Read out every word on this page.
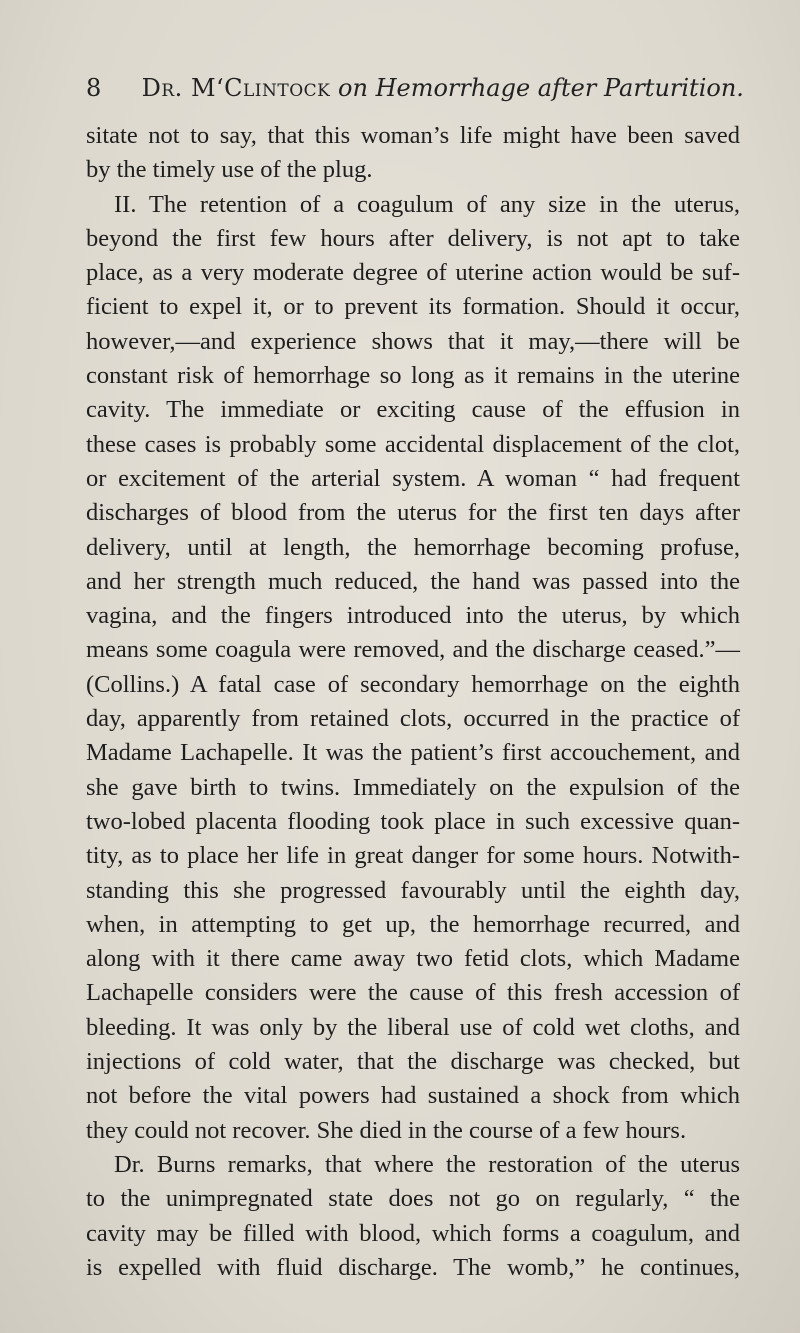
8 Dr. M‘Clintock on Hemorrhage after Parturition.
sitate not to say, that this woman’s life might have been saved
by the timely use of the plug.
II. The retention of a coagulum of any size in the uterus,
beyond the first few hours after delivery, is not apt to take
place, as a very moderate degree of uterine action would be suf-
ficient to expel it, or to prevent its formation. Should it occur,
however,—and experience shows that it may,—there will be
constant risk of hemorrhage so long as it remains in the uterine
cavity. The immediate or exciting cause of the effusion in
these cases is probably some accidental displacement of the clot,
or excitement of the arterial system. A woman “ had frequent
discharges of blood from the uterus for the first ten days after
delivery, until at length, the hemorrhage becoming profuse,
and her strength much reduced, the hand was passed into the
vagina, and the fingers introduced into the uterus, by which
means some coagula were removed, and the discharge ceased.”—
(Collins.) A fatal case of secondary hemorrhage on the eighth
day, apparently from retained clots, occurred in the practice of
Madame Lachapelle. It was the patient’s first accouchement, and
she gave birth to twins. Immediately on the expulsion of the
two-lobed placenta flooding took place in such excessive quan-
tity, as to place her life in great danger for some hours. Notwith-
standing this she progressed favourably until the eighth day,
when, in attempting to get up, the hemorrhage recurred, and
along with it there came away two fetid clots, which Madame
Lachapelle considers were the cause of this fresh accession of
bleeding. It was only by the liberal use of cold wet cloths, and
injections of cold water, that the discharge was checked, but
not before the vital powers had sustained a shock from which
they could not recover. She died in the course of a few hours.
Dr. Burns remarks, that where the restoration of the uterus
to the unimpregnated state does not go on regularly, “ the
cavity may be filled with blood, which forms a coagulum, and
is expelled with fluid discharge. The womb,” he continues,
